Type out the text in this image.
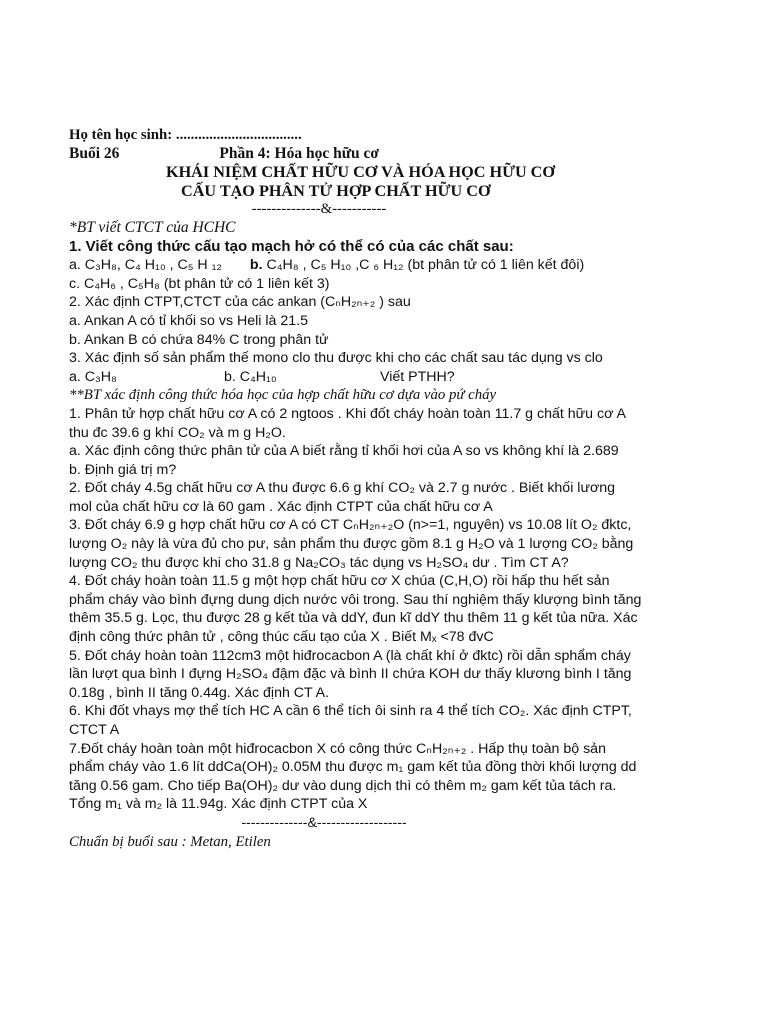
Họ tên học sinh: ..................................
Buổi 26	Phần 4: Hóa học hữu cơ
KHÁI NIỆM CHẤT HỮU CƠ VÀ HÓA HỌC HỮU CƠ
CẤU TẠO PHÂN TỬ HỢP CHẤT HỮU CƠ
--------------&-----------
*BT viết CTCT của HCHC
1. Viết công thức cấu tạo mạch hở có thể có của các chất sau:
a. C₃H₈, C₄ H₁₀ , C₅ H ₁₂ b. C₄H₈ , C₅ H₁₀ ,C ₆ H₁₂ (bt phân tử có 1 liên kết đôi)
c. C₄H₆ , C₅H₈ (bt phân tử có 1 liên kết 3)
2. Xác định CTPT,CTCT của các ankan (CₙH₂ₙ₊₂ ) sau
a. Ankan A có tỉ khối so vs Heli là 21.5
b. Ankan B có chứa 84% C trong phân tử
3. Xác định số sản phẩm thế mono clo thu được khi cho các chất sau tác dụng vs clo
a. C₃H₈	b. C₄H₁₀	Viết PTHH?
**BT xác định công thức hóa học của hợp chất hữu cơ dựa vào pứ cháy
1. Phân tử hợp chất hữu cơ A có 2 ngtoos . Khi đốt cháy hoàn toàn 11.7 g chất hữu cơ A
thu đc 39.6 g khí CO₂ và m g H₂O.
a. Xác định công thức phân tử của A biết rằng tỉ khối hơi của A so vs không khí là 2.689
b. Định giá trị m?
2. Đốt cháy 4.5g chất hữu cơ A thu được 6.6 g khí CO₂ và 2.7 g nước . Biết khối lương
mol của chất hữu cơ là 60 gam . Xác định CTPT của chất hữu cơ A
3. Đốt cháy 6.9 g hợp chất hữu cơ A có CT CₙH₂ₙ₊₂O (n>=1, nguyên) vs 10.08 lít O₂ đktc,
lượng O₂ này là vừa đủ cho pư, sản phẩm thu được gồm 8.1 g H₂O và 1 lượng CO₂ bằng
lượng CO₂ thu được khi cho 31.8 g Na₂CO₃ tác dụng vs H₂SO₄ dư . Tìm CT A?
4. Đốt cháy hoàn toàn 11.5 g một hợp chất hữu cơ X chúa (C,H,O) rồi hấp thu hết sản
phẩm cháy vào bình đựng dung dịch nước vôi trong. Sau thí nghiệm thấy klượng bình tăng
thêm 35.5 g. Lọc, thu được 28 g kết tủa và ddY, đun kĩ ddY thu thêm 11 g kết tủa nữa. Xác
định công thức phân tử , công thúc cấu tạo của X . Biết Mₓ <78 đvC
5. Đốt cháy hoàn toàn 112cm3 một hiđrocacbon A (là chất khí ở đktc) rồi dẫn sphẩm cháy
lần lượt qua bình I đựng H₂SO₄ đậm đặc và bình II chứa KOH dư thấy klương bình I tăng
0.18g , bình II tăng 0.44g. Xác định CT A.
6. Khi đốt vhays mợ thể tích HC A cần 6 thể tích ôi sinh ra 4 thể tích CO₂. Xác định CTPT,
CTCT A
7.Đốt cháy hoàn toàn một hiđrocacbon X có công thức CₙH₂ₙ₊₂ . Hấp thụ toàn bộ sản
phẩm cháy vào 1.6 lít ddCa(OH)₂ 0.05M thu được m₁ gam kết tủa đồng thời khối lượng dd
tăng 0.56 gam. Cho tiếp Ba(OH)₂ dư vào dung dịch thì có thêm m₂ gam kết tủa tách ra.
Tổng m₁ và m₂ là 11.94g. Xác định CTPT của X
--------------&-------------------
Chuẩn bị buổi sau : Metan, Etilen
